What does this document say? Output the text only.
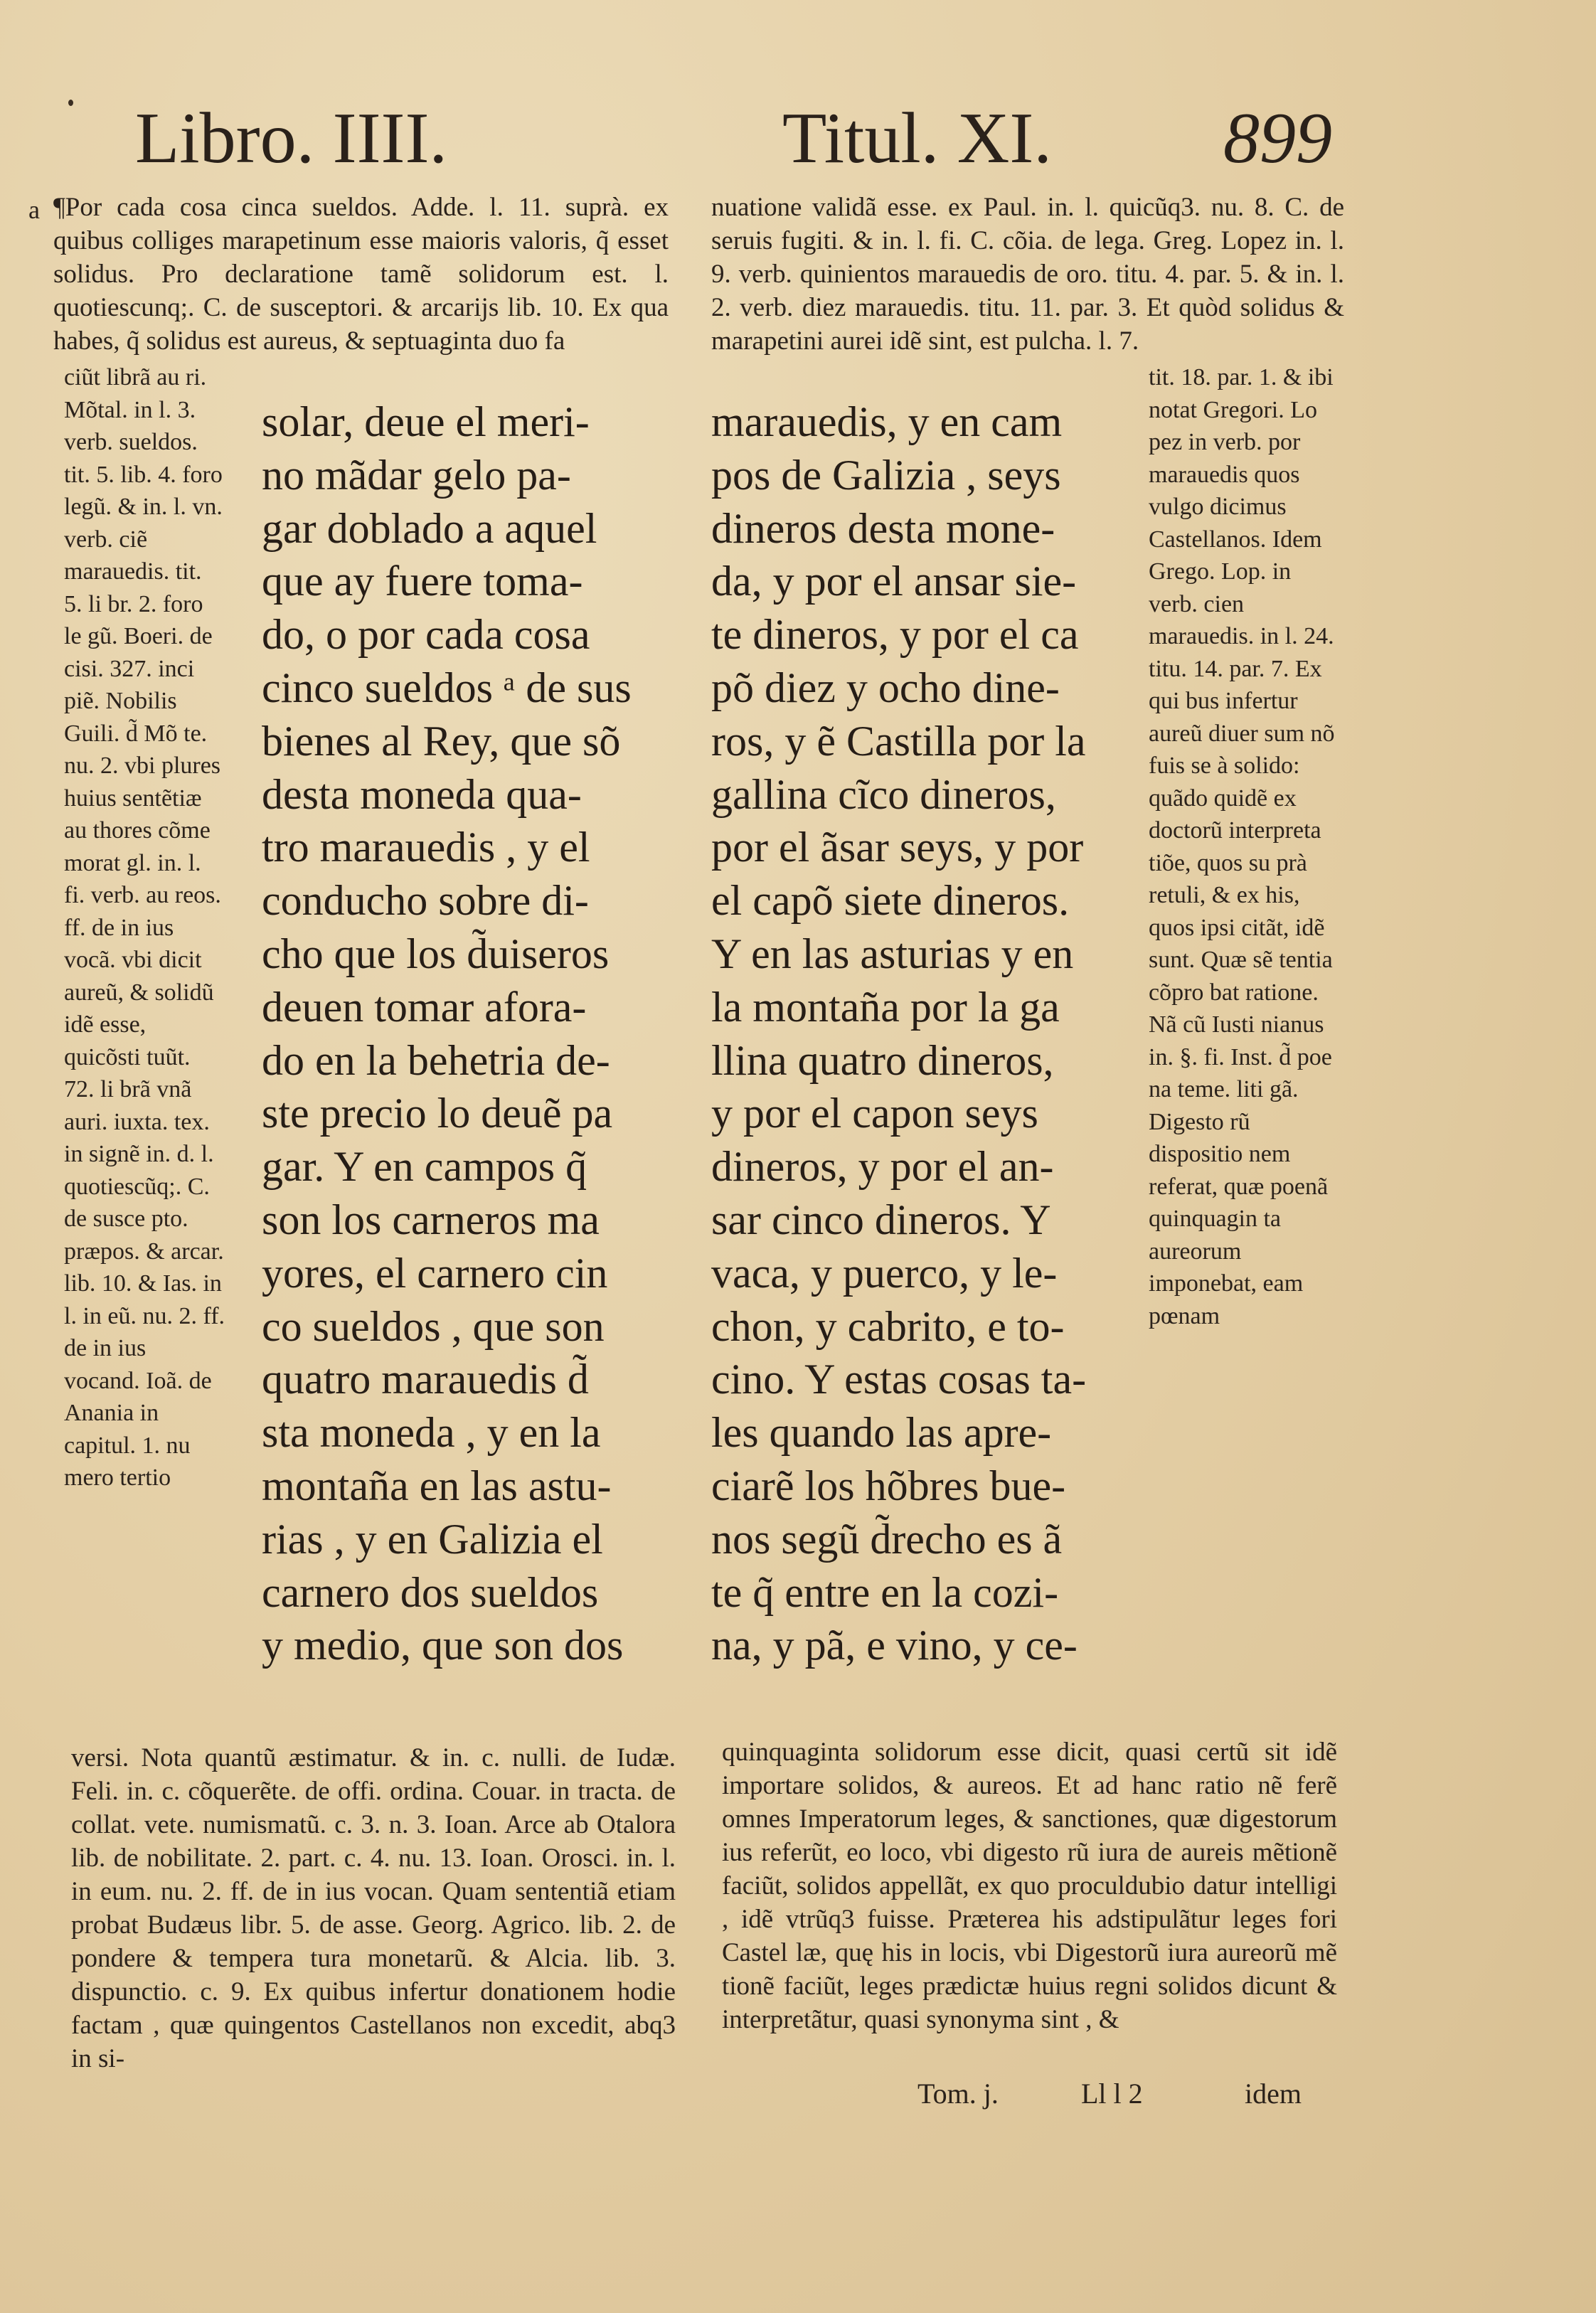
Libro. IIII.	Titul. XI. 899
a ¶Por cada cosa cinca sueldos. Adde. l. 11. suprà. ex quibus colliges marapetinum esse maioris valoris, q̃ esset solidus. Pro declaratione tamẽ solidorum est. l. quotiescunq;. C. de susceptori. & arcarijs lib. 10. Ex qua habes, q̃ solidus est aureus, & septuaginta duo fa

nuatione validã esse. ex Paul. in. l. quicũq3. nu. 8. C. de seruis fugiti. & in. l. fi. C. cõia. de lega. Greg. Lopez in. l. 9. verb. quinientos marauedis de oro. titu. 4. par. 5. & in. l. 2. verb. diez marauedis. titu. 11. par. 3. Et quòd solidus & marapetini aurei idẽ sint, est pulcha. l. 7.

ciũt librã au ri. Mõtal. in l. 3. verb. sueldos. tit. 5. lib. 4. foro legũ. & in. l. vn. verb. ciẽ marauedis. tit. 5. li br. 2. foro le gũ. Boeri. de cisi. 327. inci piẽ. Nobilis Guili. d̃ Mõ te. nu. 2. vbi plures huius sentẽtiæ au thores cõme morat gl. in. l. fi. verb. au reos. ff. de in ius vocã. vbi dicit aureũ, & solidũ idẽ esse, quicõsti tuũt. 72. li brã vnã auri. iuxta. tex. in signẽ in. d. l. quotiescũq;. C. de susce pto. præpos. & arcar. lib. 10. & Ias. in l. in eũ. nu. 2. ff. de in ius vocand. Ioã. de Anania in capitul. 1. nu mero tertio

tit. 18. par. 1. & ibi notat Gregori. Lo pez in verb. por marauedis quos vulgo dicimus Castellanos. Idem Grego. Lop. in verb. cien marauedis. in l. 24. titu. 14. par. 7. Ex qui bus infertur aureũ diuer sum nõ fuis se à solido: quãdo quidẽ ex doctorũ interpreta tiõe, quos su prà retuli, & ex his, quos ipsi citãt, idẽ sunt. Quæ sẽ tentia cõpro bat ratione. Nã cũ Iusti nianus in. §. fi. Inst. d̃ poe na teme. liti gã. Digesto rũ dispositio nem referat, quæ poenã quinquagin ta aureorum imponebat, eam pœnam

solar, deue el meri-
no mãdar gelo pa-
gar doblado a aquel
que ay fuere toma-
do, o por cada cosa
cinco sueldos ᵃ de sus
bienes al Rey, que sõ
desta moneda qua-
tro marauedis , y el
conducho sobre di-
cho que los d̃uiseros
deuen tomar afora-
do en la behetria de-
ste precio lo deuẽ pa
gar. Y en campos q̃
son los carneros ma
yores, el carnero cin
co sueldos , que son
quatro marauedis d̃
sta moneda , y en la
montaña en las astu-
rias , y en Galizia el
carnero dos sueldos
y medio, que son dos
marauedis, y en cam
pos de Galizia , seys
dineros desta mone-
da, y por el ansar sie-
te dineros, y por el ca
põ diez y ocho dine-
ros, y ẽ Castilla por la
gallina cĩco dineros,
por el ãsar seys, y por
el capõ siete dineros.
Y en las asturias y en
la montaña por la ga
llina quatro dineros,
y por el capon seys
dineros, y por el an-
sar cinco dineros. Y
vaca, y puerco, y le-
chon, y cabrito, e to-
cino. Y estas cosas ta-
les quando las apre-
ciarẽ los hõbres bue-
nos segũ d̃recho es ã
te q̃ entre en la cozi-
na, y pã, e vino, y ce-

versi. Nota quantũ æstimatur. & in. c. nulli. de Iudæ. Feli. in. c. cõquerẽte. de offi. ordina. Couar. in tracta. de collat. vete. numismatũ. c. 3. n. 3. Ioan. Arce ab Otalora lib. de nobilitate. 2. part. c. 4. nu. 13. Ioan. Orosci. in. l. in eum. nu. 2. ff. de in ius vocan. Quam sententiã etiam probat Budæus libr. 5. de asse. Georg. Agrico. lib. 2. de pondere & tempera tura monetarũ. & Alcia. lib. 3. dispunctio. c. 9. Ex quibus infertur donationem hodie factam , quæ quingentos Castellanos non excedit, abq3 in si-

quinquaginta solidorum esse dicit, quasi certũ sit idẽ importare solidos, & aureos. Et ad hanc ratio nẽ ferẽ omnes Imperatorum leges, & sanctiones, quæ digestorum ius referũt, eo loco, vbi digesto rũ iura de aureis mẽtionẽ faciũt, solidos appellãt, ex quo proculdubio datur intelligi , idẽ vtrũq3 fuisse. Præterea his adstipulãtur leges fori Castel læ, quę his in locis, vbi Digestorũ iura aureorũ mẽ tionẽ faciũt, leges prædictæ huius regni solidos dicunt & interpretãtur, quasi synonyma sint , &

Tom. j.	Ll l 2	idem
